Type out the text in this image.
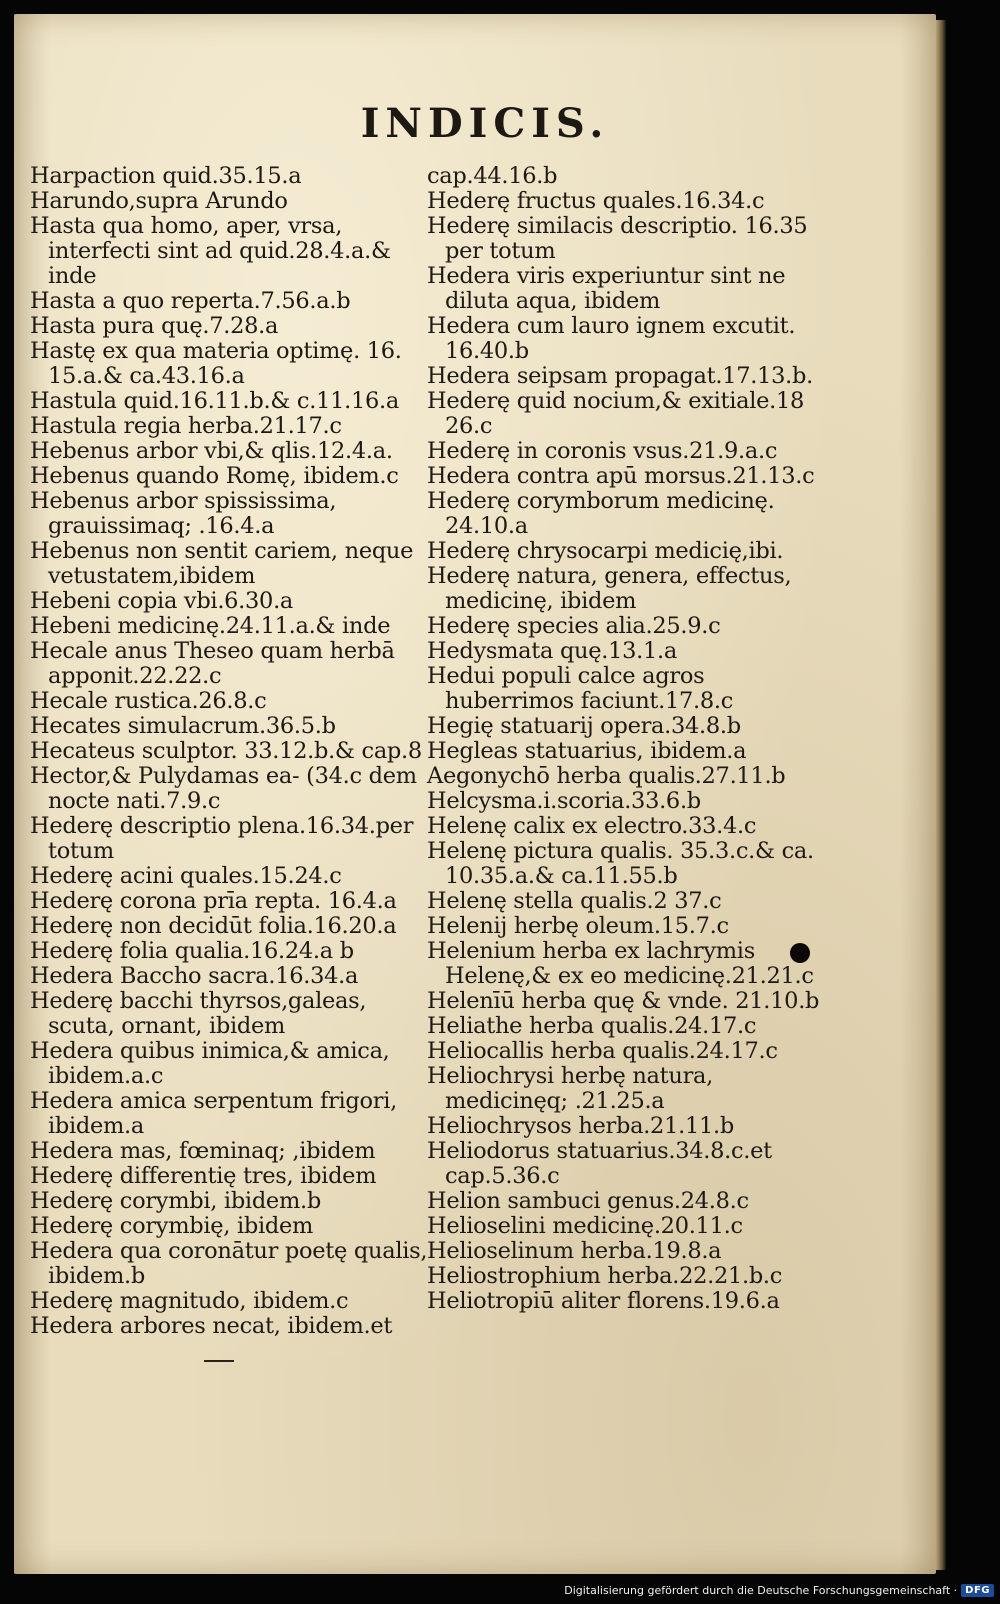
INDICIS.
Harpaction quid.35.15.a
Harundo,supra Arundo
Hasta qua homo, aper, vrsa, interfecti sint ad quid.28.4.a.& inde
Hasta a quo reperta.7.56.a.b
Hasta pura quę.7.28.a
Hastę ex qua materia optimę. 16. 15.a.& ca.43.16.a
Hastula quid.16.11.b.& c.11.16.a
Hastula regia herba.21.17.c
Hebenus arbor vbi,& qlis.12.4.a.
Hebenus quando Romę, ibidem.c
Hebenus arbor spississima, grauissimaq; .16.4.a
Hebenus non sentit cariem, neque vetustatem,ibidem
Hebeni copia vbi.6.30.a
Hebeni medicinę.24.11.a.& inde
Hecale anus Theseo quam herbā apponit.22.22.c
Hecale rustica.26.8.c
Hecates simulacrum.36.5.b
Hecateus sculptor. 33.12.b.& cap.8
Hector,& Pulydamas ea- (34.c dem nocte nati.7.9.c
Hederę descriptio plena.16.34.per totum
Hederę acini quales.15.24.c
Hederę corona prīa repta. 16.4.a
Hederę non decidūt folia.16.20.a
Hederę folia qualia.16.24.a b
Hedera Baccho sacra.16.34.a
Hederę bacchi thyrsos,galeas, scuta, ornant, ibidem
Hedera quibus inimica,& amica, ibidem.a.c
Hedera amica serpentum frigori, ibidem.a
Hedera mas, fœminaq; ,ibidem
Hederę differentię tres, ibidem
Hederę corymbi, ibidem.b
Hederę corymbię, ibidem
Hedera qua coronātur poetę qualis, ibidem.b
Hederę magnitudo, ibidem.c
Hedera arbores necat, ibidem.et
cap.44.16.b
Hederę fructus quales.16.34.c
Hederę similacis descriptio. 16.35 per totum
Hedera viris experiuntur sint ne diluta aqua, ibidem
Hedera cum lauro ignem excutit. 16.40.b
Hedera seipsam propagat.17.13.b.
Hederę quid nocium,& exitiale.18 26.c
Hederę in coronis vsus.21.9.a.c
Hedera contra apū morsus.21.13.c
Hederę corymborum medicinę. 24.10.a
Hederę chrysocarpi medicię,ibi.
Hederę natura, genera, effectus, medicinę, ibidem
Hederę species alia.25.9.c
Hedysmata quę.13.1.a
Hedui populi calce agros huberrimos faciunt.17.8.c
Hegię statuarij opera.34.8.b
Hegleas statuarius, ibidem.a
Aegonychō herba qualis.27.11.b
Helcysma.i.scoria.33.6.b
Helenę calix ex electro.33.4.c
Helenę pictura qualis. 35.3.c.& ca. 10.35.a.& ca.11.55.b
Helenę stella qualis.2 37.c
Helenij herbę oleum.15.7.c
Helenium herba ex lachrymis Helenę,& ex eo medicinę.21.21.c
Helenīū herba quę & vnde. 21.10.b
Heliathe herba qualis.24.17.c
Heliocallis herba qualis.24.17.c
Heliochrysi herbę natura, medicinęq; .21.25.a
Heliochrysos herba.21.11.b
Heliodorus statuarius.34.8.c.et cap.5.36.c
Helion sambuci genus.24.8.c
Helioselini medicinę.20.11.c
Helioselinum herba.19.8.a
Heliostrophium herba.22.21.b.c
Heliotropiū aliter florens.19.6.a
Digitalisierung gefördert durch die Deutsche Forschungsgemeinschaft · DFG
